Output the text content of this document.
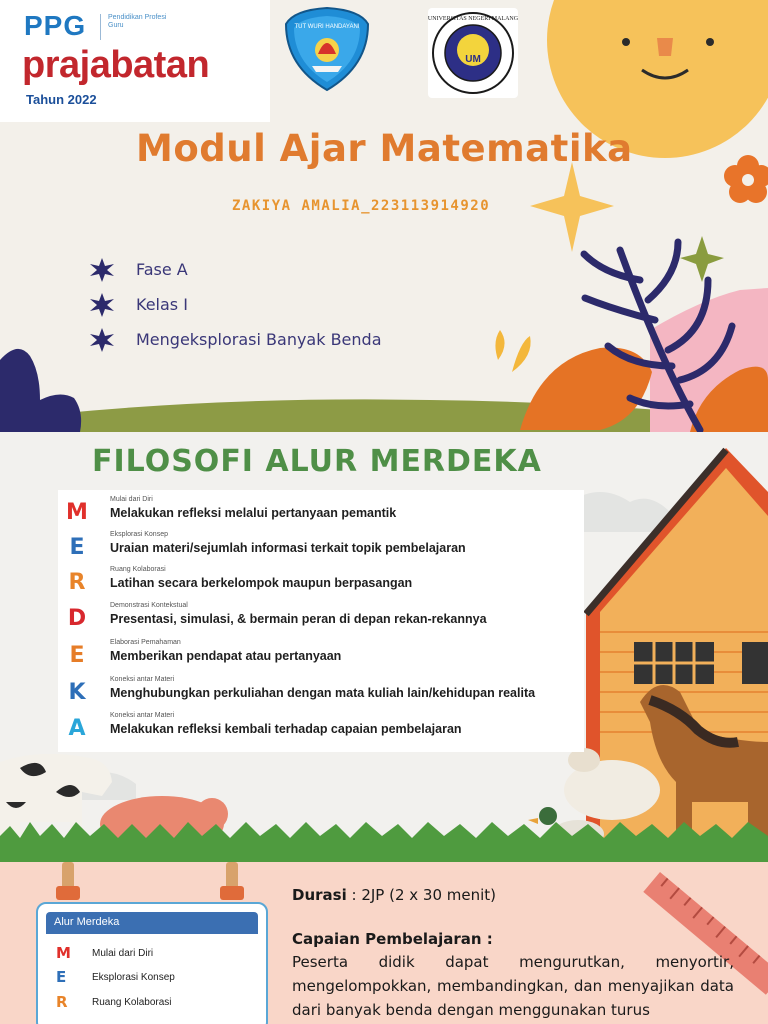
PPG	Pendidikan Profesi Guru
prajabatan
Tahun 2022
TUT WURI HANDAYANI
UM
UNIVERSITAS NEGERI MALANG
Modul Ajar Matematika
ZAKIYA AMALIA_223113914920
Fase A
Kelas I
Mengeksplorasi Banyak Benda
FILOSOFI ALUR MERDEKA
M
Mulai dari Diri
Melakukan refleksi melalui pertanyaan pemantik
E
Eksplorasi Konsep
Uraian materi/sejumlah informasi terkait topik pembelajaran
R
Ruang Kolaborasi
Latihan secara berkelompok maupun berpasangan
D
Demonstrasi Kontekstual
Presentasi, simulasi, & bermain peran di depan rekan-rekannya
E
Elaborasi Pemahaman
Memberikan pendapat atau pertanyaan
K
Koneksi antar Materi
Menghubungkan perkuliahan dengan mata kuliah lain/kehidupan realita
A
Koneksi antar Materi
Melakukan refleksi kembali terhadap capaian pembelajaran
Alur Merdeka
M	Mulai dari Diri
E	Eksplorasi Konsep
R	Ruang Kolaborasi
Durasi : 2JP (2 x 30 menit)
Capaian Pembelajaran :
Peserta didik dapat mengurutkan, menyortir, mengelompokkan, membandingkan, dan menyajikan data dari banyak benda dengan menggunakan turus
